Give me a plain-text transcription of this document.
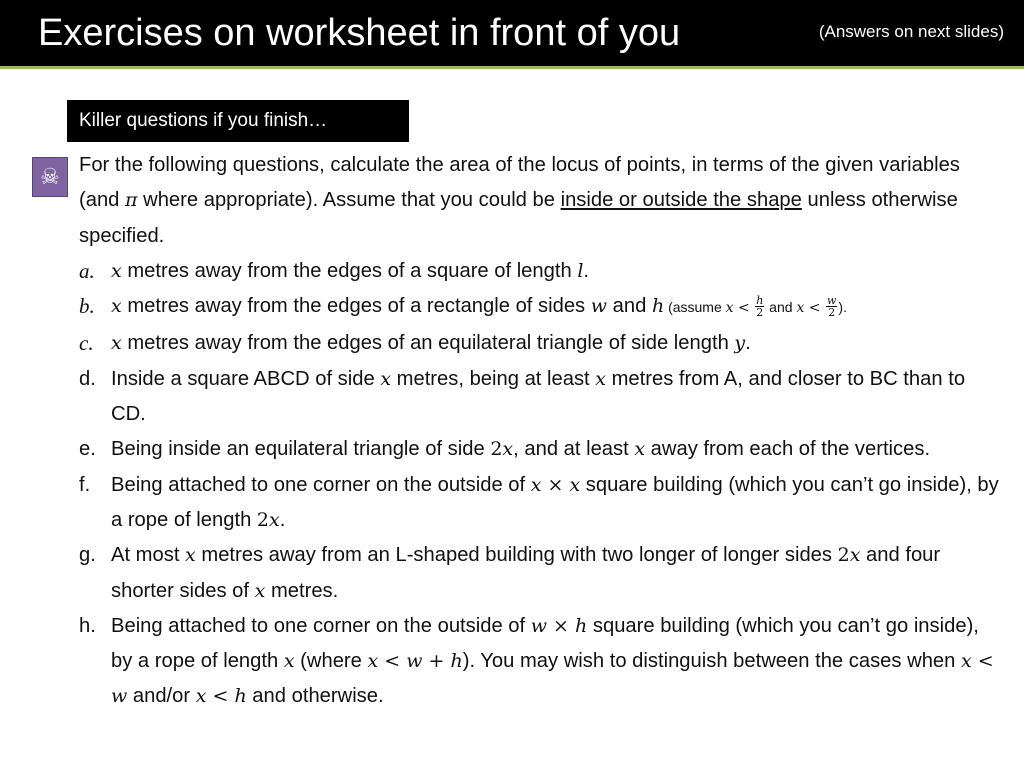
Exercises on worksheet in front of you	(Answers on next slides)
Killer questions if you finish…
☠ For the following questions, calculate the area of the locus of points, in terms of the given variables (and π where appropriate). Assume that you could be inside or outside the shape unless otherwise specified.

a. x metres away from the edges of a square of length l.
b. x metres away from the edges of a rectangle of sides w and h (assume $x < \frac{h}{2}$ and $x < \frac{w}{2}$ ).
c. x metres away from the edges of an equilateral triangle of side length y.
d. Inside a square ABCD of side x metres, being at least x metres from A, and closer to BC than to CD.
e. Being inside an equilateral triangle of side 2x, and at least x away from each of the vertices.
f.	Being attached to one corner on the outside of x × x square building (which you can’t go inside), by a rope of length 2x.
g. At most x metres away from an L-shaped building with two longer of longer sides 2x and four shorter sides of x metres.
h. Being attached to one corner on the outside of w × h square building (which you can’t go inside), by a rope of length x (where x < w + h). You may wish to distinguish between the cases when x < w and/or x < h and otherwise.
